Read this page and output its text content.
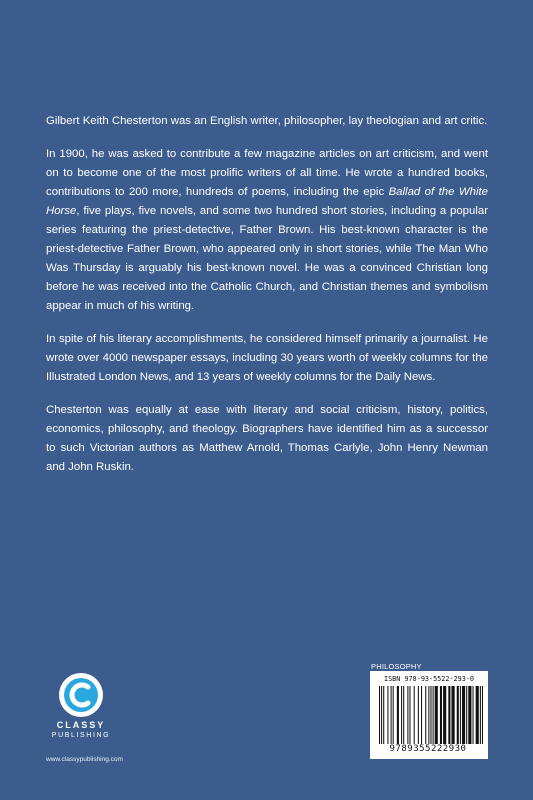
Gilbert Keith Chesterton was an English writer, philosopher, lay theologian and art critic.

In 1900, he was asked to contribute a few magazine articles on art criticism, and went on to become one of the most prolific writers of all time. He wrote a hundred books, contributions to 200 more, hundreds of poems, including the epic Ballad of the White Horse, five plays, five novels, and some two hundred short stories, including a popular series featuring the priest-detective, Father Brown. His best-known character is the priest-detective Father Brown, who appeared only in short stories, while The Man Who Was Thursday is arguably his best-known novel. He was a convinced Christian long before he was received into the Catholic Church, and Christian themes and symbolism appear in much of his writing.

In spite of his literary accomplishments, he considered himself primarily a journalist. He wrote over 4000 newspaper essays, including 30 years worth of weekly columns for the Illustrated London News, and 13 years of weekly columns for the Daily News.

Chesterton was equally at ease with literary and social criticism, history, politics, economics, philosophy, and theology. Biographers have identified him as a successor to such Victorian authors as Matthew Arnold, Thomas Carlyle, John Henry Newman and John Ruskin.

CLASSY
PUBLISHING
www.classypublishing.com
PHILOSOPHY
ISBN 978-93-5522-293-0
9789355222930
